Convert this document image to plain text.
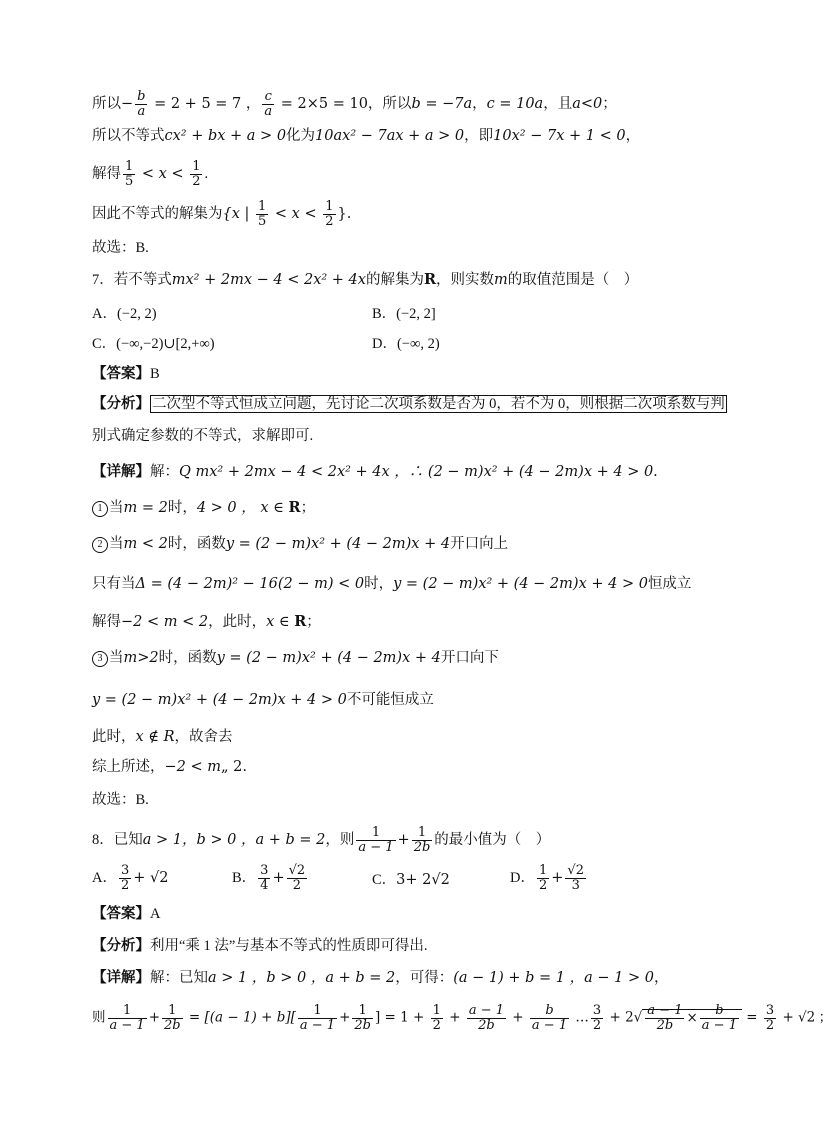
所以− $\frac{b}{a} = 2 + 5 = 7$ ， $\frac{c}{a} = 2\times 5 = 10$，所以b = −7a，c = 10a，且a<0；
所以不等式cx² + bx + a > 0化为10ax² − 7ax + a > 0，即10x² − 7x + 1 < 0，
解得 $\frac{1}{5} < x < \frac{1}{2}$ .
因此不等式的解集为{x | $\frac{1}{5} < x < \frac{1}{2}$ }.
故选：B.
7．若不等式mx² + 2mx − 4 < 2x² + 4x的解集为R，则实数m的取值范围是（　）
A．(−2, 2)	B．(−2, 2]
C．(−∞,−2)∪[2,+∞)	D．(−∞, 2)
【答案】B
【分析】 二次型不等式恒成立问题，先讨论二次项系数是否为 0，若不为 0，则根据二次项系数与判
别式确定参数的不等式，求解即可.
【详解】解：Q mx² + 2mx − 4 < 2x² + 4x ，∴ (2 − m)x² + (4 − 2m)x + 4 > 0.
1 当m = 2时，4 > 0 ， x ∈ R；
2 当m < 2时，函数y = (2 − m)x² + (4 − 2m)x + 4开口向上
只有当Δ = (4 − 2m)² − 16(2 − m) < 0时，y = (2 − m)x² + (4 − 2m)x + 4 > 0恒成立
解得−2 < m < 2，此时，x ∈ R；
3 当m>2时，函数y = (2 − m)x² + (4 − 2m)x + 4开口向下
y = (2 − m)x² + (4 − 2m)x + 4 > 0不可能恒成立
此时，x ∉ R，故舍去
综上所述，−2 < m„ 2.
故选：B.
8．已知a > 1，b > 0 ，a + b = 2，则 $\frac{1}{a - 1} + \frac{1}{2b}$ 的最小值为（　）
A． $\frac{3}{2} + √2$	B． $\frac{3}{4} + \frac{√2}{2}$	C．3+ 2√2	D． $\frac{1}{2} + \frac{√2}{3}$
【答案】A
【分析】利用“乘 1 法”与基本不等式的性质即可得出.
【详解】解：已知a > 1 ，b > 0 ，a + b = 2，可得：(a − 1) + b = 1 ，a − 1 > 0，
则 $\frac{1}{a - 1} + \frac{1}{2b} = [(a - 1) + b][ \frac{1}{a - 1} + \frac{1}{2b}$ ] = $1 + \frac{1}{2} + \frac{a - 1}{2b} + \frac{b}{a - 1}$ … $\frac{3}{2} + 2√ \frac{a - 1}{2b} \times \frac{b}{a - 1} = \frac{3}{2} + √2$ ；
